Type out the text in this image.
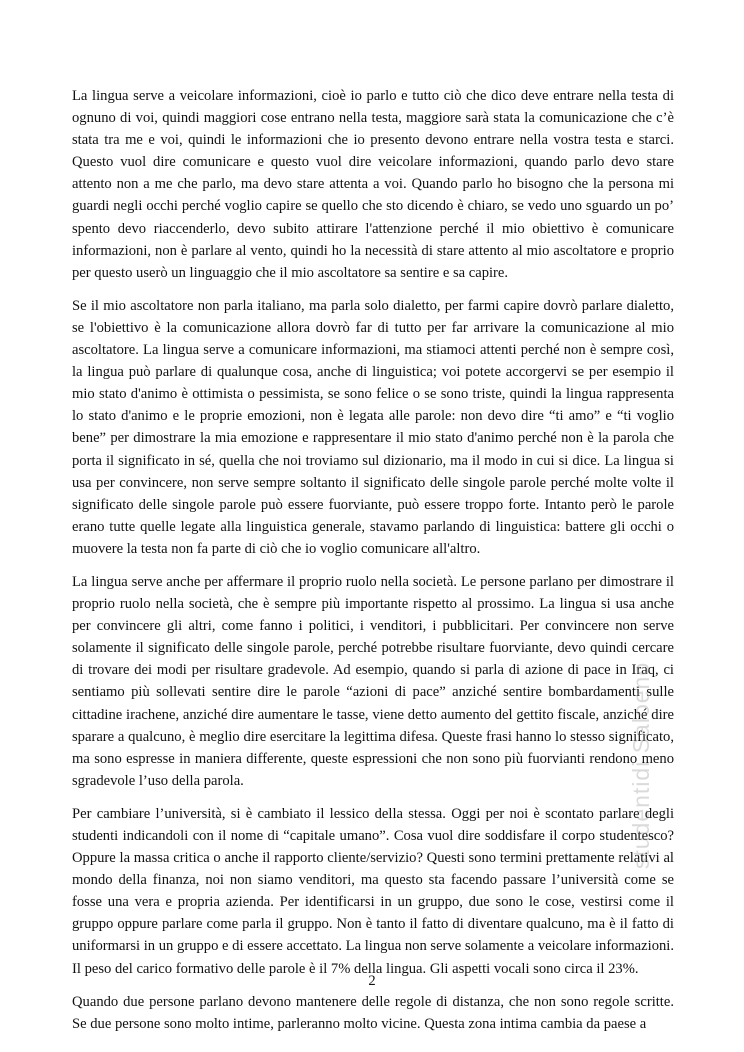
La lingua serve a veicolare informazioni, cioè io parlo e tutto ciò che dico deve entrare nella testa di ognuno di voi, quindi maggiori cose entrano nella testa, maggiore sarà stata la comunicazione che c’è stata tra me e voi, quindi le informazioni che io presento devono entrare nella vostra testa e starci. Questo vuol dire comunicare e questo vuol dire veicolare informazioni, quando parlo devo stare attento non a me che parlo, ma devo stare attenta a voi. Quando parlo ho bisogno che la persona mi guardi negli occhi perché voglio capire se quello che sto dicendo è chiaro, se vedo uno sguardo un po’ spento devo riaccenderlo, devo subito attirare l'attenzione perché il mio obiettivo è comunicare informazioni, non è parlare al vento, quindi ho la necessità di stare attento al mio ascoltatore e proprio per questo userò un linguaggio che il mio ascoltatore sa sentire e sa capire.

Se il mio ascoltatore non parla italiano, ma parla solo dialetto, per farmi capire dovrò parlare dialetto, se l'obiettivo è la comunicazione allora dovrò far di tutto per far arrivare la comunicazione al mio ascoltatore. La lingua serve a comunicare informazioni, ma stiamoci attenti perché non è sempre così, la lingua può parlare di qualunque cosa, anche di linguistica; voi potete accorgervi se per esempio il mio stato d'animo è ottimista o pessimista, se sono felice o se sono triste, quindi la lingua rappresenta lo stato d'animo e le proprie emozioni, non è legata alle parole: non devo dire “ti amo” e “ti voglio bene” per dimostrare la mia emozione e rappresentare il mio stato d'animo perché non è la parola che porta il significato in sé, quella che noi troviamo sul dizionario, ma il modo in cui si dice. La lingua si usa per convincere, non serve sempre soltanto il significato delle singole parole perché molte volte il significato delle singole parole può essere fuorviante, può essere troppo forte. Intanto però le parole erano tutte quelle legate alla linguistica generale, stavamo parlando di linguistica: battere gli occhi o muovere la testa non fa parte di ciò che io voglio comunicare all'altro.

La lingua serve anche per affermare il proprio ruolo nella società. Le persone parlano per dimostrare il proprio ruolo nella società, che è sempre più importante rispetto al prossimo. La lingua si usa anche per convincere gli altri, come fanno i politici, i venditori, i pubblicitari. Per convincere non serve solamente il significato delle singole parole, perché potrebbe risultare fuorviante, devo quindi cercare di trovare dei modi per risultare gradevole. Ad esempio, quando si parla di azione di pace in Iraq, ci sentiamo più sollevati sentire dire le parole “azioni di pace” anziché sentire bombardamenti sulle cittadine irachene, anziché dire aumentare le tasse, viene detto aumento del gettito fiscale, anziché dire sparare a qualcuno, è meglio dire esercitare la legittima difesa. Queste frasi hanno lo stesso significato, ma sono espresse in maniera differente, queste espressioni che non sono più fuorvianti rendono meno sgradevole l’uso della parola.

Per cambiare l’università, si è cambiato il lessico della stessa. Oggi per noi è scontato parlare degli studenti indicandoli con il nome di “capitale umano”. Cosa vuol dire soddisfare il corpo studentesco? Oppure la massa critica o anche il rapporto cliente/servizio? Questi sono termini prettamente relativi al mondo della finanza, noi non siamo venditori, ma questo sta facendo passare l’università come se fosse una vera e propria azienda. Per identificarsi in un gruppo, due sono le cose, vestirsi come il gruppo oppure parlare come parla il gruppo. Non è tanto il fatto di diventare qualcuno, ma è il fatto di uniformarsi in un gruppo e di essere accettato. La lingua non serve solamente a veicolare informazioni. Il peso del carico formativo delle parole è il 7% della lingua. Gli aspetti vocali sono circa il 23%.

Quando due persone parlano devono mantenere delle regole di distanza, che non sono regole scritte. Se due persone sono molto intime, parleranno molto vicine. Questa zona intima cambia da paese a

studentidi Saloeno
2
